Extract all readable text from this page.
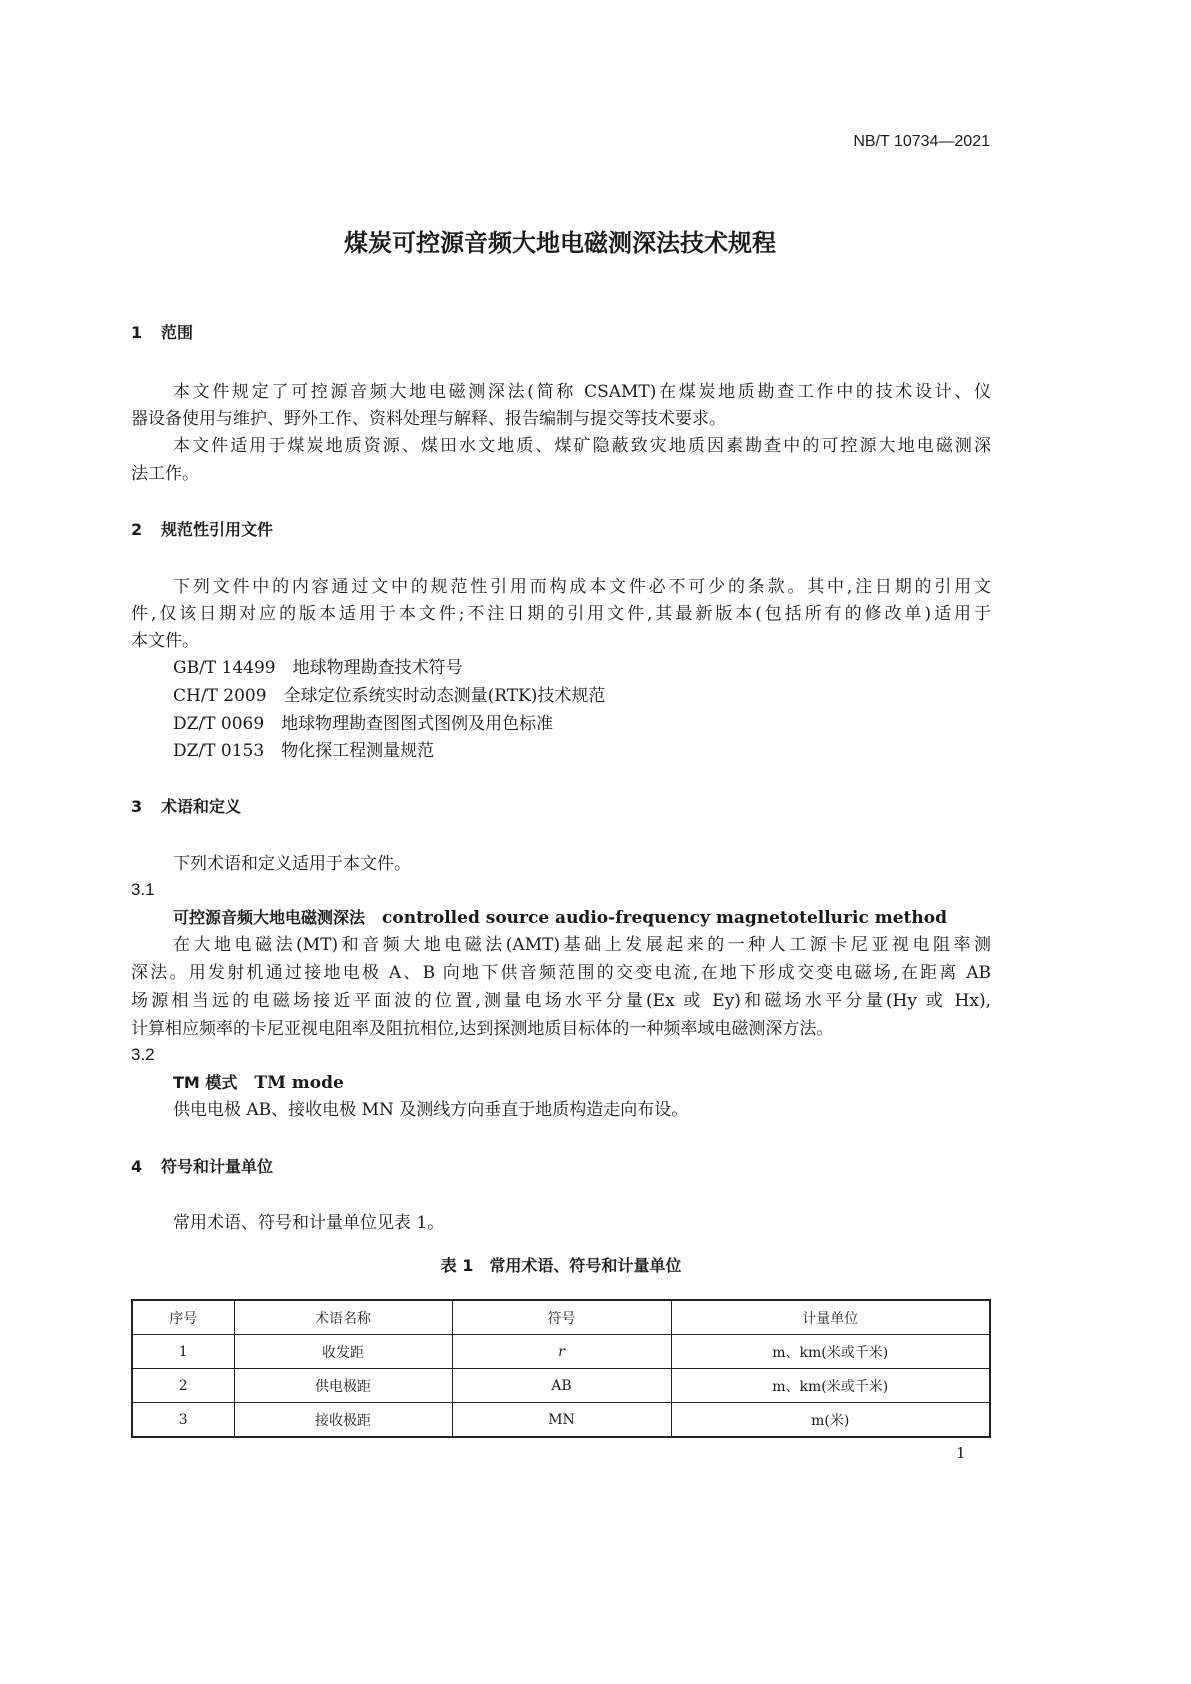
NB/T 10734—2021
煤炭可控源音频大地电磁测深法技术规程
1 范围
本文件规定了可控源音频大地电磁测深法(简称 CSAMT)在煤炭地质勘查工作中的技术设计、仪
器设备使用与维护、野外工作、资料处理与解释、报告编制与提交等技术要求。
本文件适用于煤炭地质资源、煤田水文地质、煤矿隐蔽致灾地质因素勘查中的可控源大地电磁测深
法工作。
2 规范性引用文件
下列文件中的内容通过文中的规范性引用而构成本文件必不可少的条款。其中,注日期的引用文
件,仅该日期对应的版本适用于本文件;不注日期的引用文件,其最新版本(包括所有的修改单)适用于
本文件。
GB/T 14499　 地球物理勘查技术符号
CH/T 2009　 全球定位系统实时动态测量(RTK)技术规范
DZ/T 0069　 地球物理勘查图图式图例及用色标准
DZ/T 0153　 物化探工程测量规范
3 术语和定义
下列术语和定义适用于本文件。
3.1
可控源音频大地电磁测深法　 controlled source audio-frequency magnetotelluric method
在大地电磁法(MT)和音频大地电磁法(AMT)基础上发展起来的一种人工源卡尼亚视电阻率测
深法。用发射机通过接地电极 A、B 向地下供音频范围的交变电流,在地下形成交变电磁场,在距离 AB
场源相当远的电磁场接近平面波的位置,测量电场水平分量(Ex 或 Ey)和磁场水平分量(Hy 或 Hx),
计算相应频率的卡尼亚视电阻率及阻抗相位,达到探测地质目标体的一种频率域电磁测深方法。
3.2
TM 模式　 TM mode
供电电极 AB、接收电极 MN 及测线方向垂直于地质构造走向布设。
4 符号和计量单位
常用术语、符号和计量单位见表 1。
表 1　常用术语、符号和计量单位
序号	术语名称	符号	计量单位
1	收发距	r	m、km(米或千米)
2	供电极距	AB	m、km(米或千米)
3	接收极距	MN	m(米)
1
